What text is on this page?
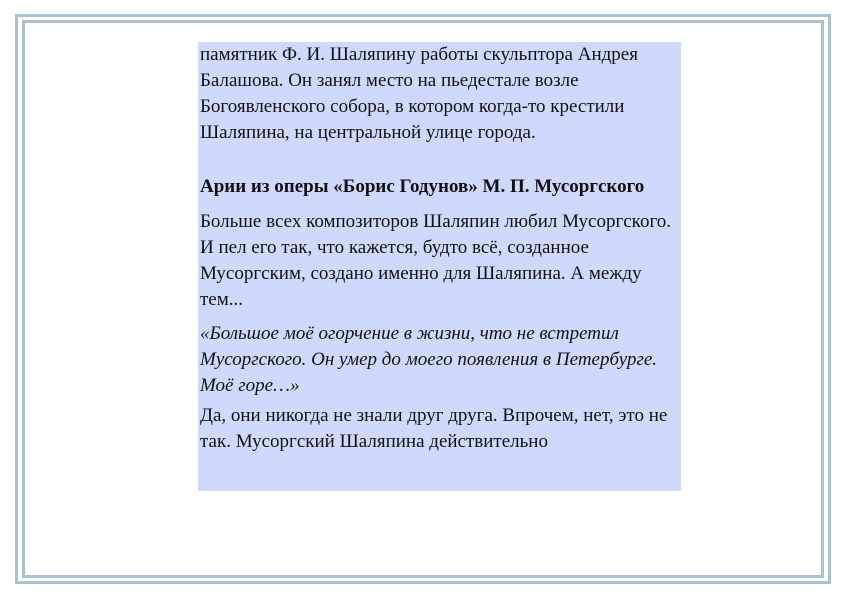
памятник Ф. И. Шаляпину работы скульптора Андрея Балашова. Он занял место на пьедестале возле Богоявленского собора, в котором когда-то крестили Шаляпина, на центральной улице города.

Арии из оперы «Борис Годунов» М. П. Мусоргского

Больше всех композиторов Шаляпин любил Мусоргского. И пел его так, что кажется, будто всё, созданное Мусоргским, создано именно для Шаляпина. А между тем...

«Большое моё огорчение в жизни, что не встретил Мусоргского. Он умер до моего появления в Петербурге. Моё горе…»

Да, они никогда не знали друг друга. Впрочем, нет, это не так. Мусоргский Шаляпина действительно
